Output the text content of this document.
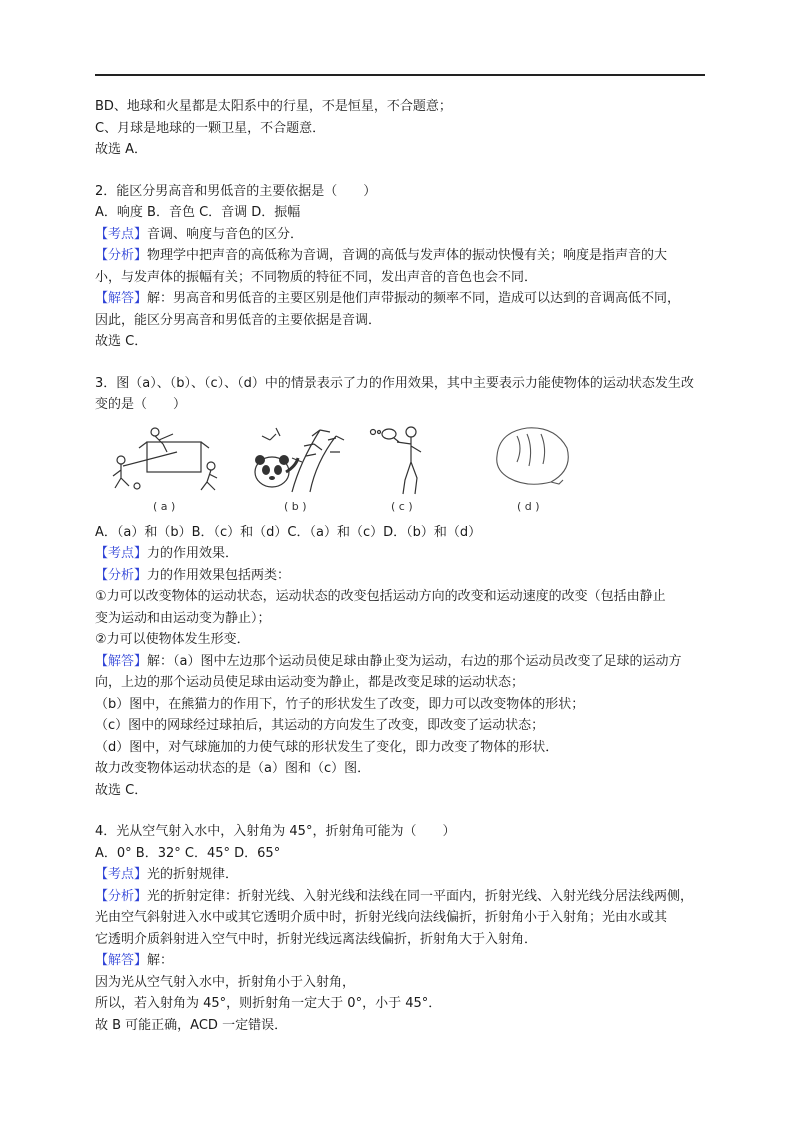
BD、地球和火星都是太阳系中的行星，不是恒星，不合题意；
C、月球是地球的一颗卫星，不合题意．
故选 A．
2．能区分男高音和男低音的主要依据是（　　）
A．响度 B．音色 C．音调 D．振幅
【考点】音调、响度与音色的区分．
【分析】物理学中把声音的高低称为音调，音调的高低与发声体的振动快慢有关；响度是指声音的大
小，与发声体的振幅有关；不同物质的特征不同，发出声音的音色也会不同．
【解答】解：男高音和男低音的主要区别是他们声带振动的频率不同，造成可以达到的音调高低不同，
因此，能区分男高音和男低音的主要依据是音调．
故选 C．
3．图（a）、（b）、（c）、（d）中的情景表示了力的作用效果，其中主要表示力能使物体的运动状态发生改
变的是（　　）
( a )	( b )	( c )	( d )
A．（a）和（b）B．（c）和（d）C．（a）和（c）D．（b）和（d）
【考点】力的作用效果．
【分析】力的作用效果包括两类：
①力可以改变物体的运动状态，运动状态的改变包括运动方向的改变和运动速度的改变（包括由静止
变为运动和由运动变为静止）；
②力可以使物体发生形变．
【解答】解：（a）图中左边那个运动员使足球由静止变为运动，右边的那个运动员改变了足球的运动方
向，上边的那个运动员使足球由运动变为静止，都是改变足球的运动状态；
（b）图中，在熊猫力的作用下，竹子的形状发生了改变，即力可以改变物体的形状；
（c）图中的网球经过球拍后，其运动的方向发生了改变，即改变了运动状态；
（d）图中，对气球施加的力使气球的形状发生了变化，即力改变了物体的形状．
故力改变物体运动状态的是（a）图和（c）图．
故选 C．
4．光从空气射入水中，入射角为 45°，折射角可能为（　　）
A．0° B．32° C．45° D．65°
【考点】光的折射规律．
【分析】光的折射定律：折射光线、入射光线和法线在同一平面内，折射光线、入射光线分居法线两侧，
光由空气斜射进入水中或其它透明介质中时，折射光线向法线偏折，折射角小于入射角；光由水或其
它透明介质斜射进入空气中时，折射光线远离法线偏折，折射角大于入射角．
【解答】解：
因为光从空气射入水中，折射角小于入射角，
所以，若入射角为 45°，则折射角一定大于 0°，小于 45°．
故 B 可能正确，ACD 一定错误．
